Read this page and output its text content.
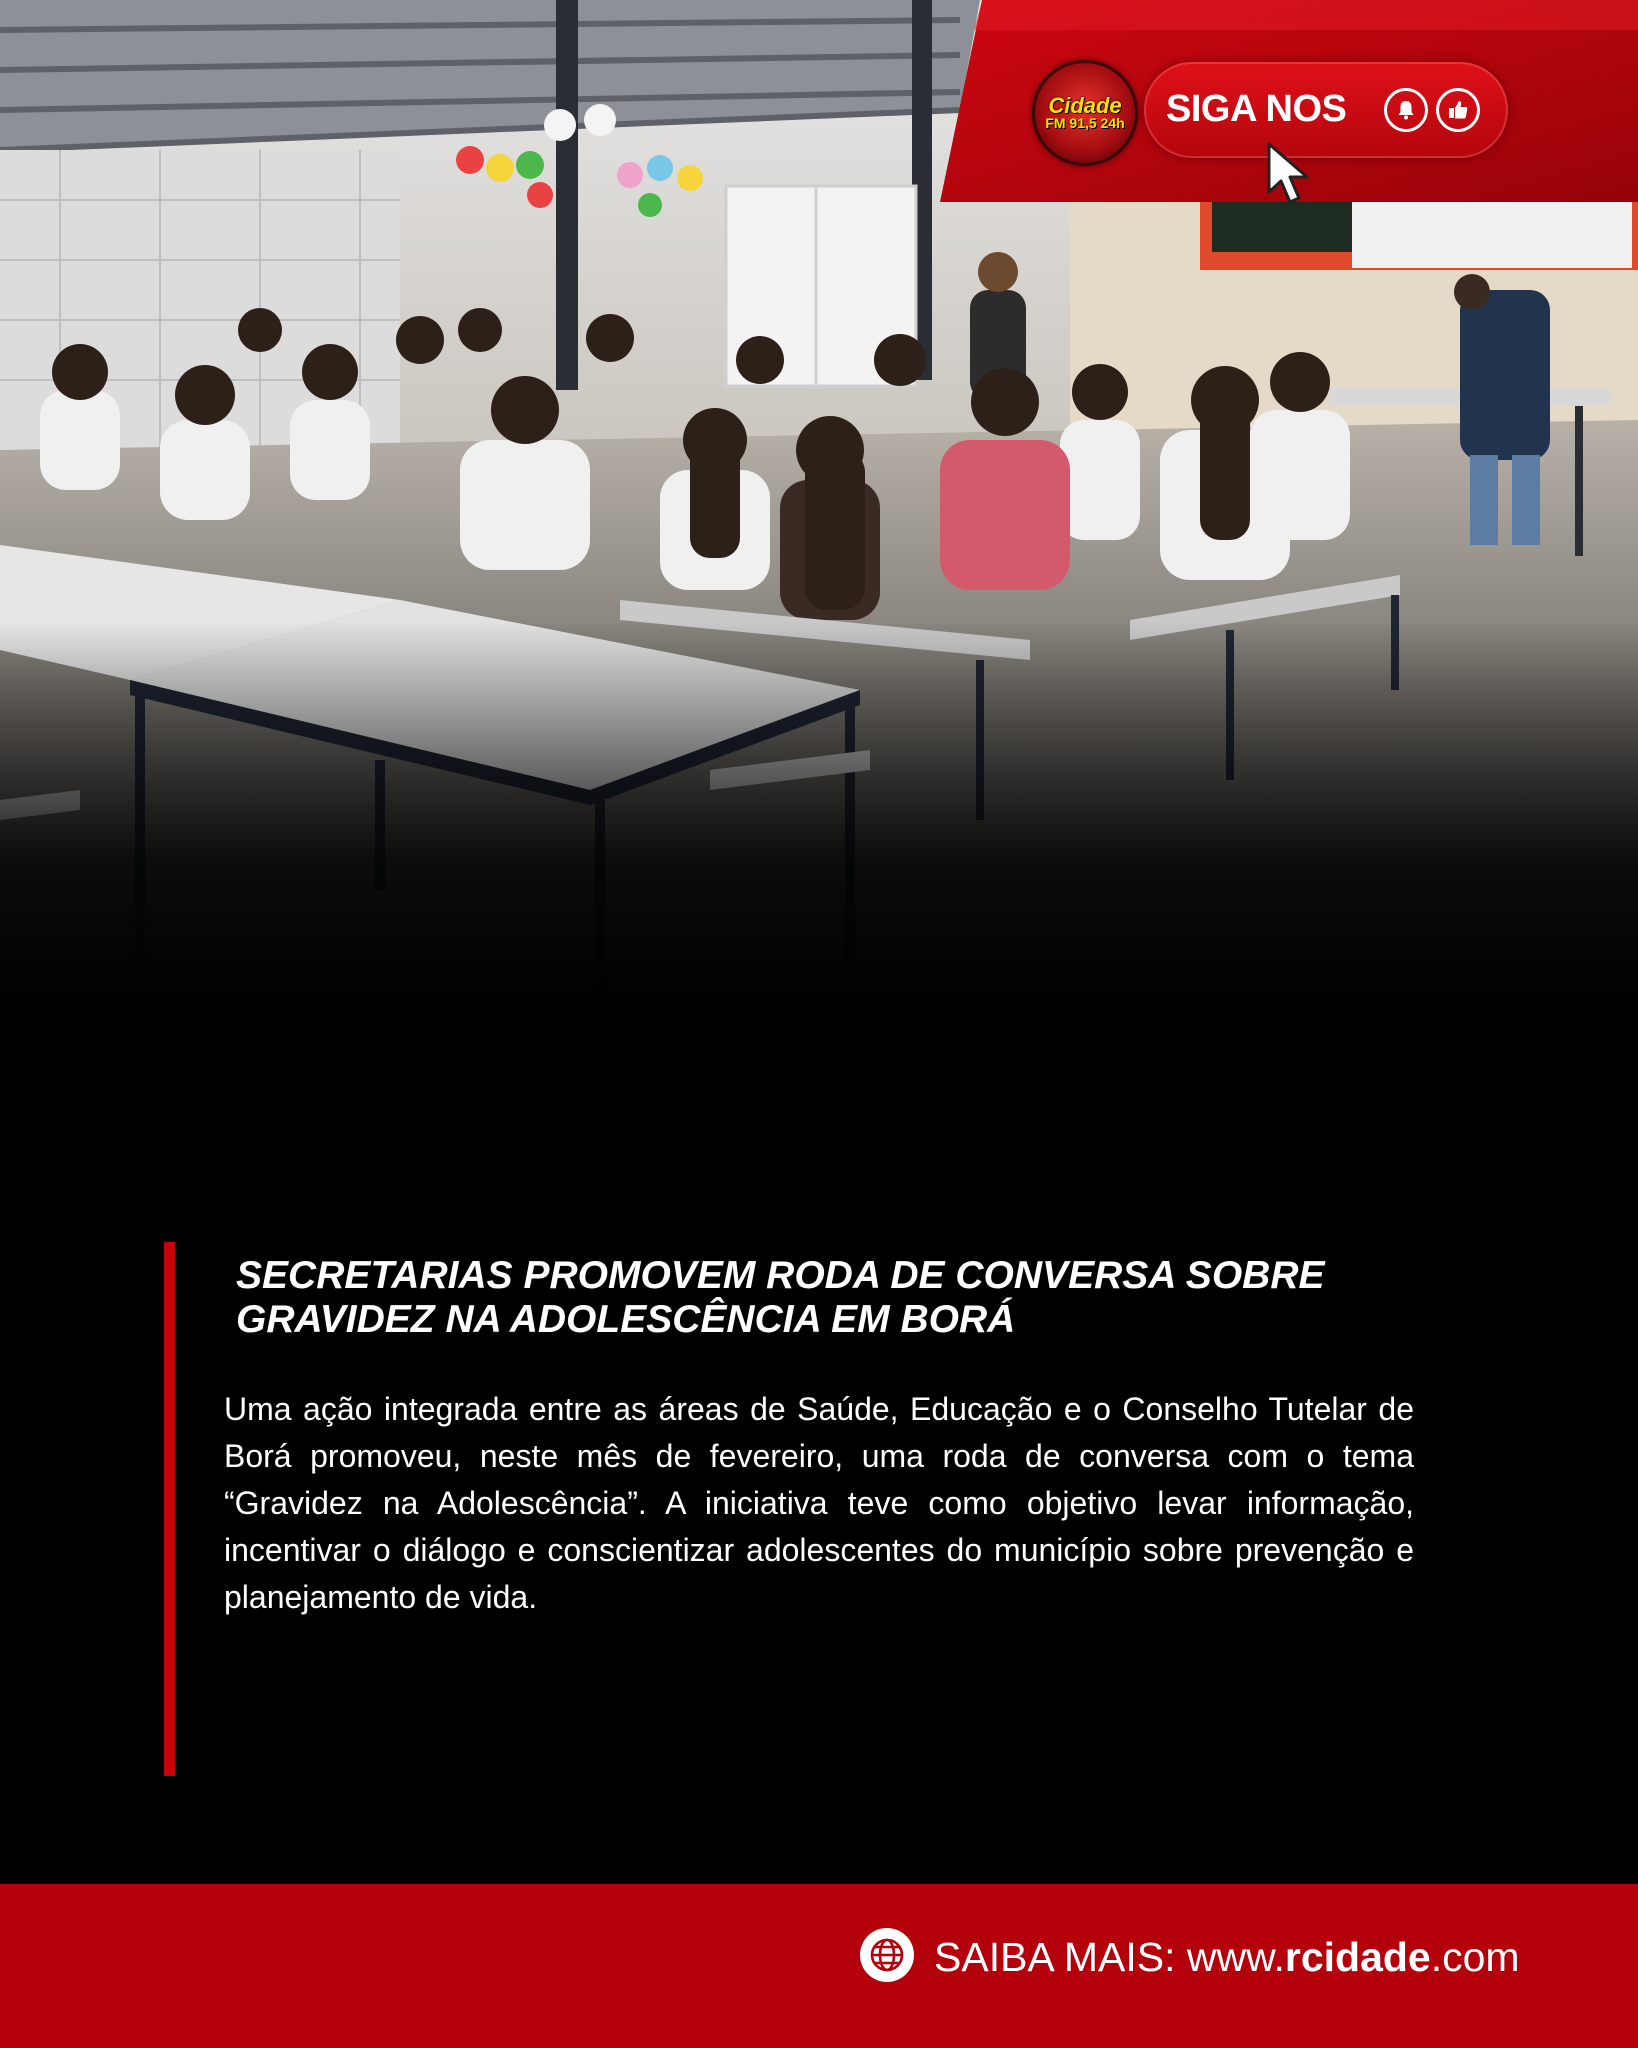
Cidade
FM 91,5 24h SIGA NOS
SECRETARIAS PROMOVEM RODA DE CONVERSA SOBRE GRAVIDEZ NA ADOLESCÊNCIA EM BORÁ

Uma ação integrada entre as áreas de Saúde, Educação e o Conselho Tutelar de Borá promoveu, neste mês de fevereiro, uma roda de conversa com o tema “Gravidez na Adolescência”. A iniciativa teve como objetivo levar informação, incentivar o diálogo e conscientizar adolescentes do município sobre prevenção e planejamento de vida.

SAIBA MAIS: www.rcidade.com
